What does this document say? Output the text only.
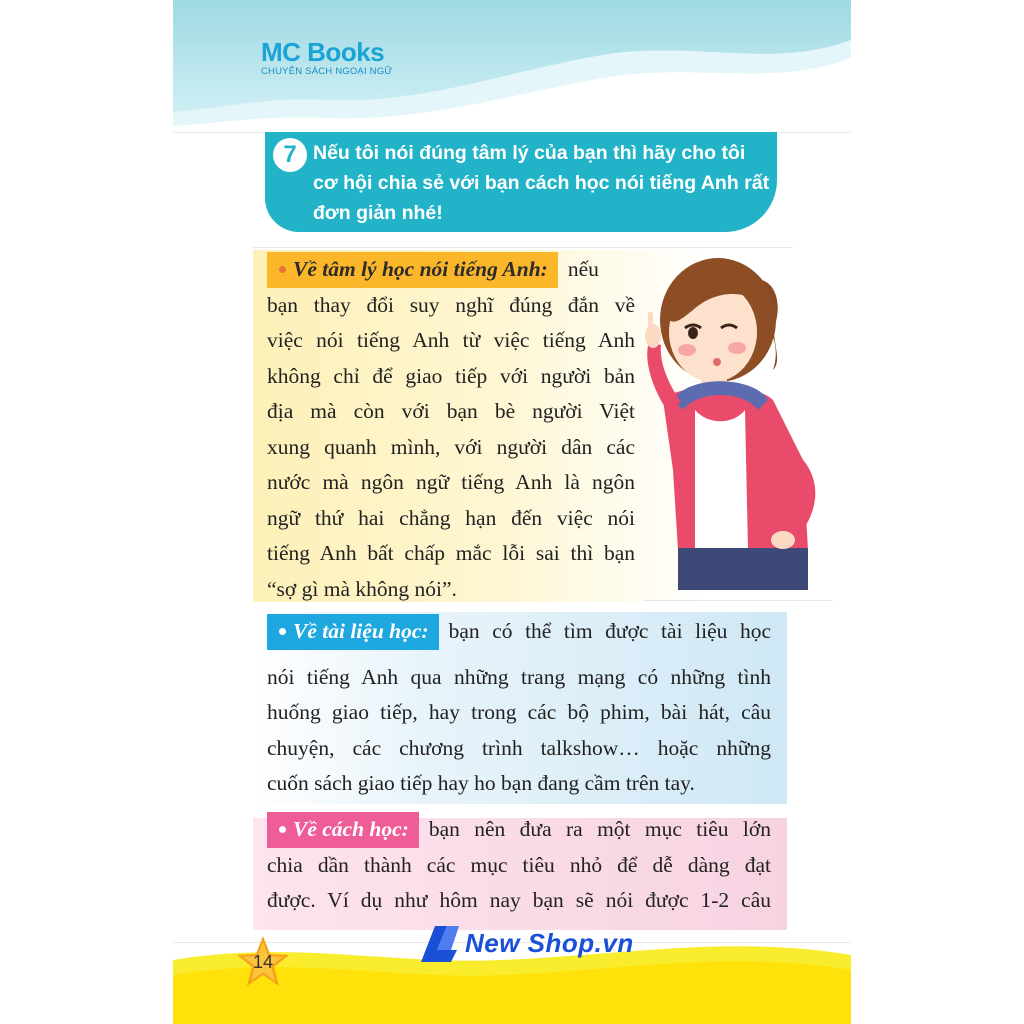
MC Books
CHUYÊN SÁCH NGOẠI NGỮ
7 Nếu tôi nói đúng tâm lý của bạn thì hãy cho tôi cơ hội chia sẻ với bạn cách học nói tiếng Anh rất đơn giản nhé!

Về tâm lý học nói tiếng Anh: nếu

bạn thay đổi suy nghĩ đúng đắn về

việc nói tiếng Anh từ việc tiếng Anh

không chỉ để giao tiếp với người bản

địa mà còn với bạn bè người Việt

xung quanh mình, với người dân các

nước mà ngôn ngữ tiếng Anh là ngôn

ngữ thứ hai chẳng hạn đến việc nói

tiếng Anh bất chấp mắc lỗi sai thì bạn

“sợ gì mà không nói”.

Về tài liệu học: bạn có thể tìm được tài liệu học

nói tiếng Anh qua những trang mạng có những tình

huống giao tiếp, hay trong các bộ phim, bài hát, câu

chuyện, các chương trình talkshow… hoặc những

cuốn sách giao tiếp hay ho bạn đang cầm trên tay.

Về cách học: bạn nên đưa ra một mục tiêu lớn

chia dần thành các mục tiêu nhỏ để dễ dàng đạt

được. Ví dụ như hôm nay bạn sẽ nói được 1-2 câu

14
New Shop.vn
